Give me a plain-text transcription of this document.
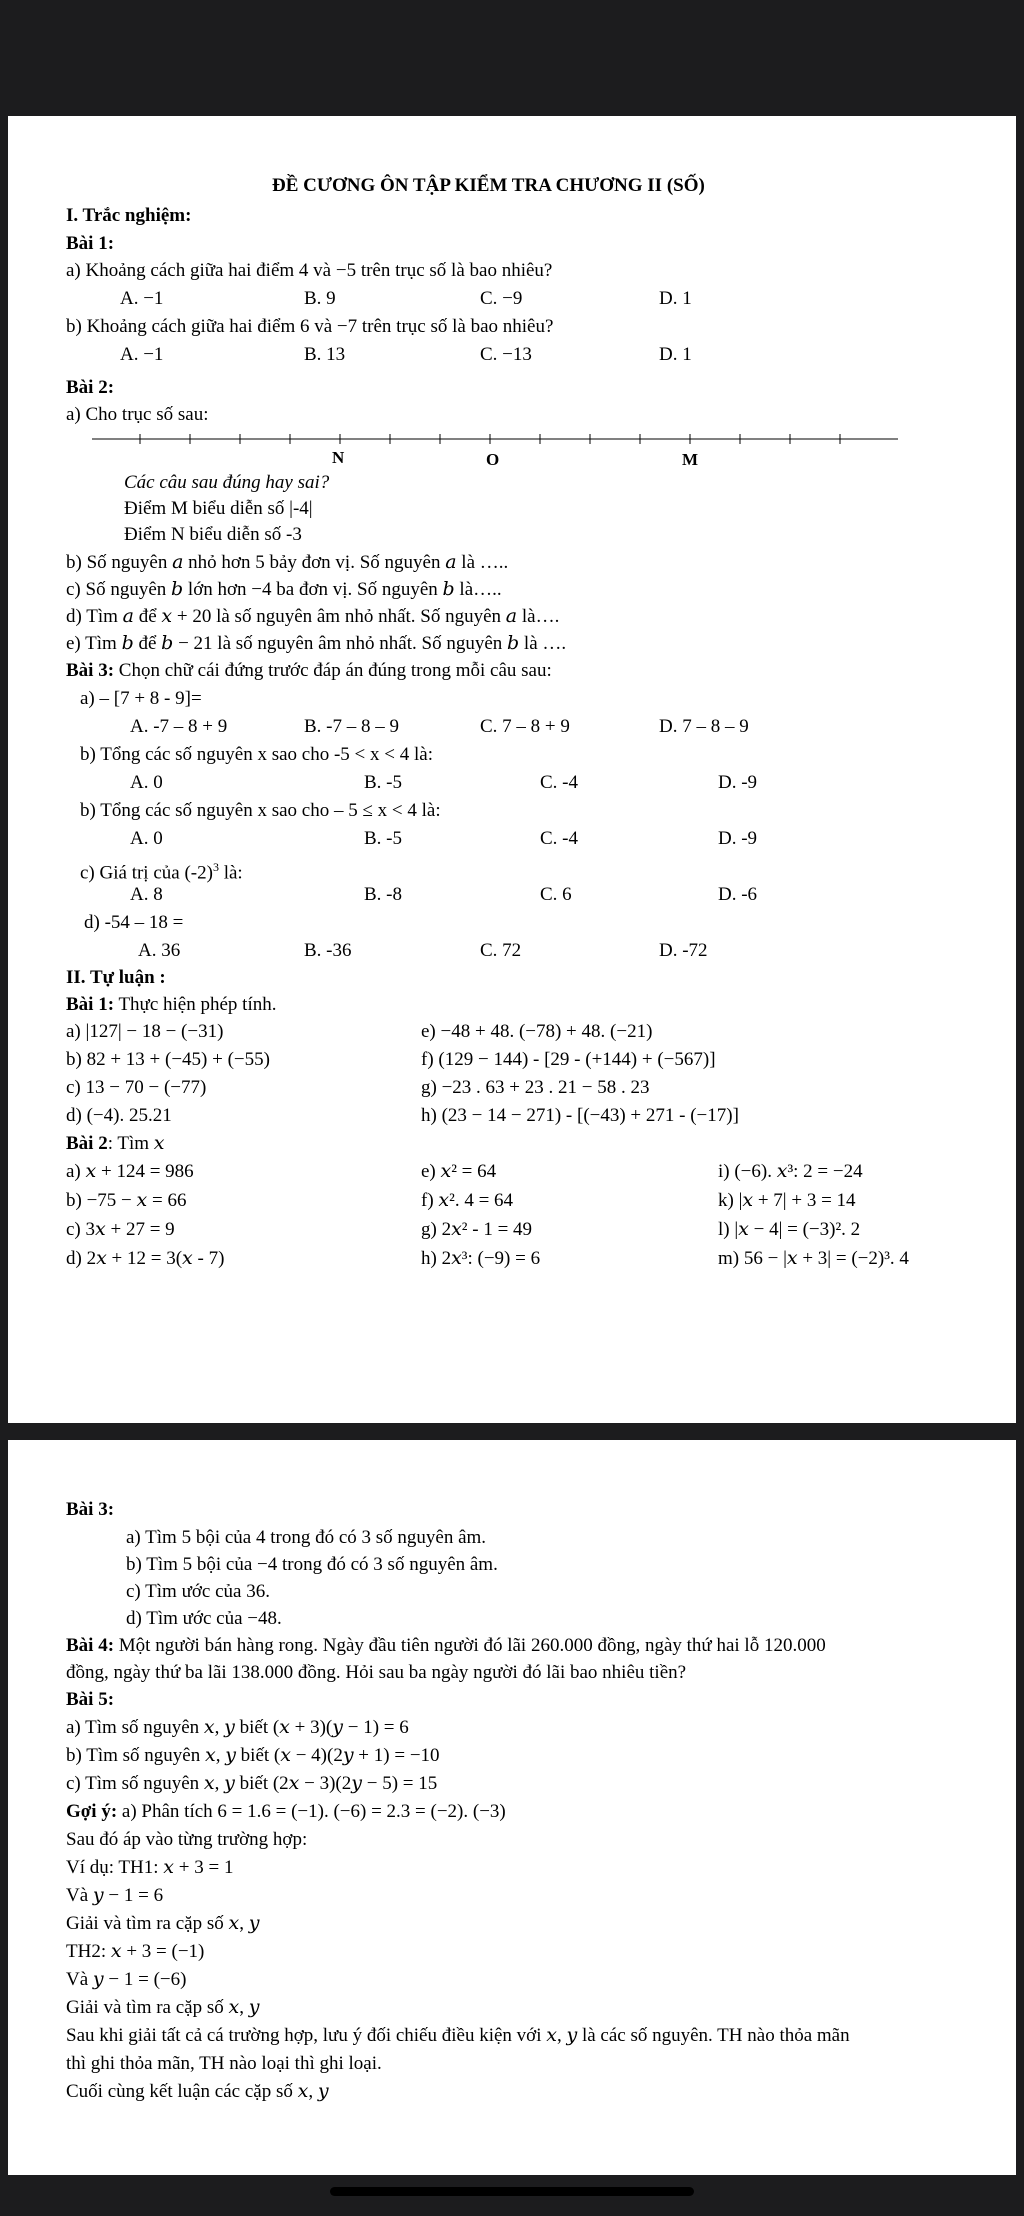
ĐỀ CƯƠNG ÔN TẬP KIỂM TRA CHƯƠNG II (SỐ)
I. Trắc nghiệm:
Bài 1:
a) Khoảng cách giữa hai điểm 4 và −5 trên trục số là bao nhiêu?
A. −1	B. 9	C. −9	D. 1
b) Khoảng cách giữa hai điểm 6 và −7 trên trục số là bao nhiêu?
A. −1	B. 13	C. −13	D. 1
Bài 2:
a) Cho trục số sau:
N	O	M
Các câu sau đúng hay sai?
Điểm M biểu diễn số |-4|
Điểm N biểu diễn số -3
b) Số nguyên 𝑎 nhỏ hơn 5 bảy đơn vị. Số nguyên 𝑎 là …..
c) Số nguyên 𝑏 lớn hơn −4 ba đơn vị. Số nguyên 𝑏 là…..
d) Tìm 𝑎 để 𝑥 + 20 là số nguyên âm nhỏ nhất. Số nguyên 𝑎 là….
e) Tìm 𝑏 để 𝑏 − 21 là số nguyên âm nhỏ nhất. Số nguyên 𝑏 là ….
Bài 3: Chọn chữ cái đứng trước đáp án đúng trong mỗi câu sau:
a) – [7 + 8 - 9]=
A. -7 – 8 + 9	B. -7 – 8 – 9	C. 7 – 8 + 9	D. 7 – 8 – 9
b) Tổng các số nguyên x sao cho -5 < x < 4 là:
A. 0	B. -5	C. -4	D. -9
b) Tổng các số nguyên x sao cho – 5 ≤ x < 4 là:
A. 0	B. -5	C. -4	D. -9
c) Giá trị của $(-2)^3$ là:
A. 8	B. -8	C. 6	D. -6
d) -54 – 18 =
A. 36	B. -36	C. 72	D. -72
II. Tự luận :
Bài 1: Thực hiện phép tính.
a) |127| − 18 − (−31)	e) −48 + 48. (−78) + 48. (−21)
b) 82 + 13 + (−45) + (−55)	f) (129 − 144) - [29 - (+144) + (−567)]
c) 13 − 70 − (−77)	g) −23 . 63 + 23 . 21 − 58 . 23
d) (−4). 25.21	h) (23 − 14 − 271) - [(−43) + 271 - (−17)]
Bài 2: Tìm 𝑥
a) 𝑥 + 124 = 986	e) 𝑥² = 64	i) (−6). 𝑥³: 2 = −24
b) −75 − 𝑥 = 66	f) 𝑥². 4 = 64	k) |𝑥 + 7| + 3 = 14
c) 3𝑥 + 27 = 9	g) 2𝑥² - 1 = 49	l) |𝑥 − 4| = (−3)². 2
d) 2𝑥 + 12 = 3(𝑥 - 7)	h) 2𝑥³: (−9) = 6	m) 56 − |𝑥 + 3| = (−2)³. 4
Bài 3:
a) Tìm 5 bội của 4 trong đó có 3 số nguyên âm.
b) Tìm 5 bội của −4 trong đó có 3 số nguyên âm.
c) Tìm ước của 36.
d) Tìm ước của −48.
Bài 4: Một người bán hàng rong. Ngày đầu tiên người đó lãi 260.000 đồng, ngày thứ hai lỗ 120.000
đồng, ngày thứ ba lãi 138.000 đồng. Hỏi sau ba ngày người đó lãi bao nhiêu tiền?
Bài 5:
a) Tìm số nguyên 𝑥, 𝑦 biết (𝑥 + 3)(𝑦 − 1) = 6
b) Tìm số nguyên 𝑥, 𝑦 biết (𝑥 − 4)(2𝑦 + 1) = −10
c) Tìm số nguyên 𝑥, 𝑦 biết (2𝑥 − 3)(2𝑦 − 5) = 15
Gợi ý: a) Phân tích 6 = 1.6 = (−1). (−6) = 2.3 = (−2). (−3)
Sau đó áp vào từng trường hợp:
Ví dụ: TH1: 𝑥 + 3 = 1
Và 𝑦 − 1 = 6
Giải và tìm ra cặp số 𝑥, 𝑦
TH2: 𝑥 + 3 = (−1)
Và 𝑦 − 1 = (−6)
Giải và tìm ra cặp số 𝑥, 𝑦
Sau khi giải tất cả cá trường hợp, lưu ý đối chiếu điều kiện với 𝑥, 𝑦 là các số nguyên. TH nào thỏa mãn
thì ghi thỏa mãn, TH nào loại thì ghi loại.
Cuối cùng kết luận các cặp số 𝑥, 𝑦
